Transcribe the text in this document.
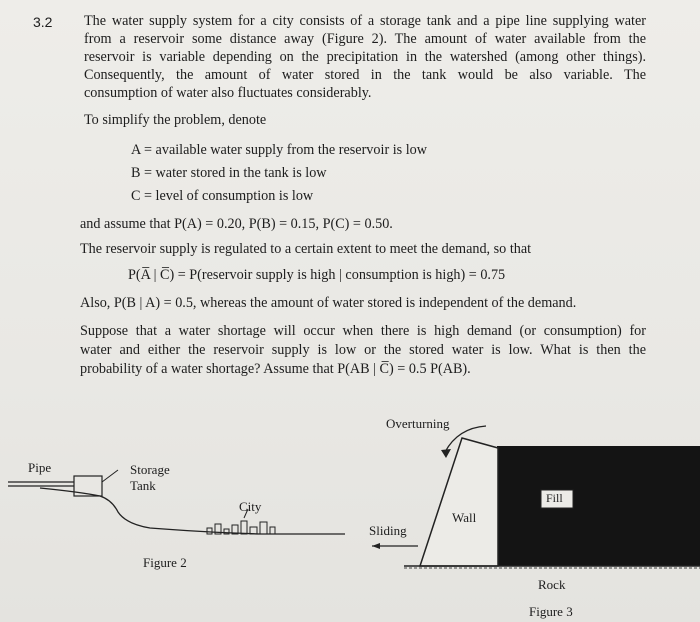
3.2 The water supply system for a city consists of a storage tank and a pipe line supplying water
from a reservoir some distance away (Figure 2). The amount of water available from the
reservoir is variable depending on the precipitation in the watershed (among other things).
Consequently, the amount of water stored in the tank would be also variable. The
consumption of water also fluctuates considerably.
To simplify the problem, denote
A = available water supply from the reservoir is low
B = water stored in the tank is low
C = level of consumption is low
and assume that P(A) = 0.20, P(B) = 0.15, P(C) = 0.50.
The reservoir supply is regulated to a certain extent to meet the demand, so that
P(A̅ | C̅) = P(reservoir supply is high | consumption is high) = 0.75
Also, P(B | A) = 0.5, whereas the amount of water stored is independent of the demand.
Suppose that a water shortage will occur when there is high demand (or consumption) for
water and either the reservoir supply is low or the stored water is low. What is then the
probability of a water shortage? Assume that P(AB | C̅) = 0.5 P(AB).
Pipe	Storage
Tank
City
Figure 2
Overturning
Fill
Wall
Sliding
Rock
Figure 3
